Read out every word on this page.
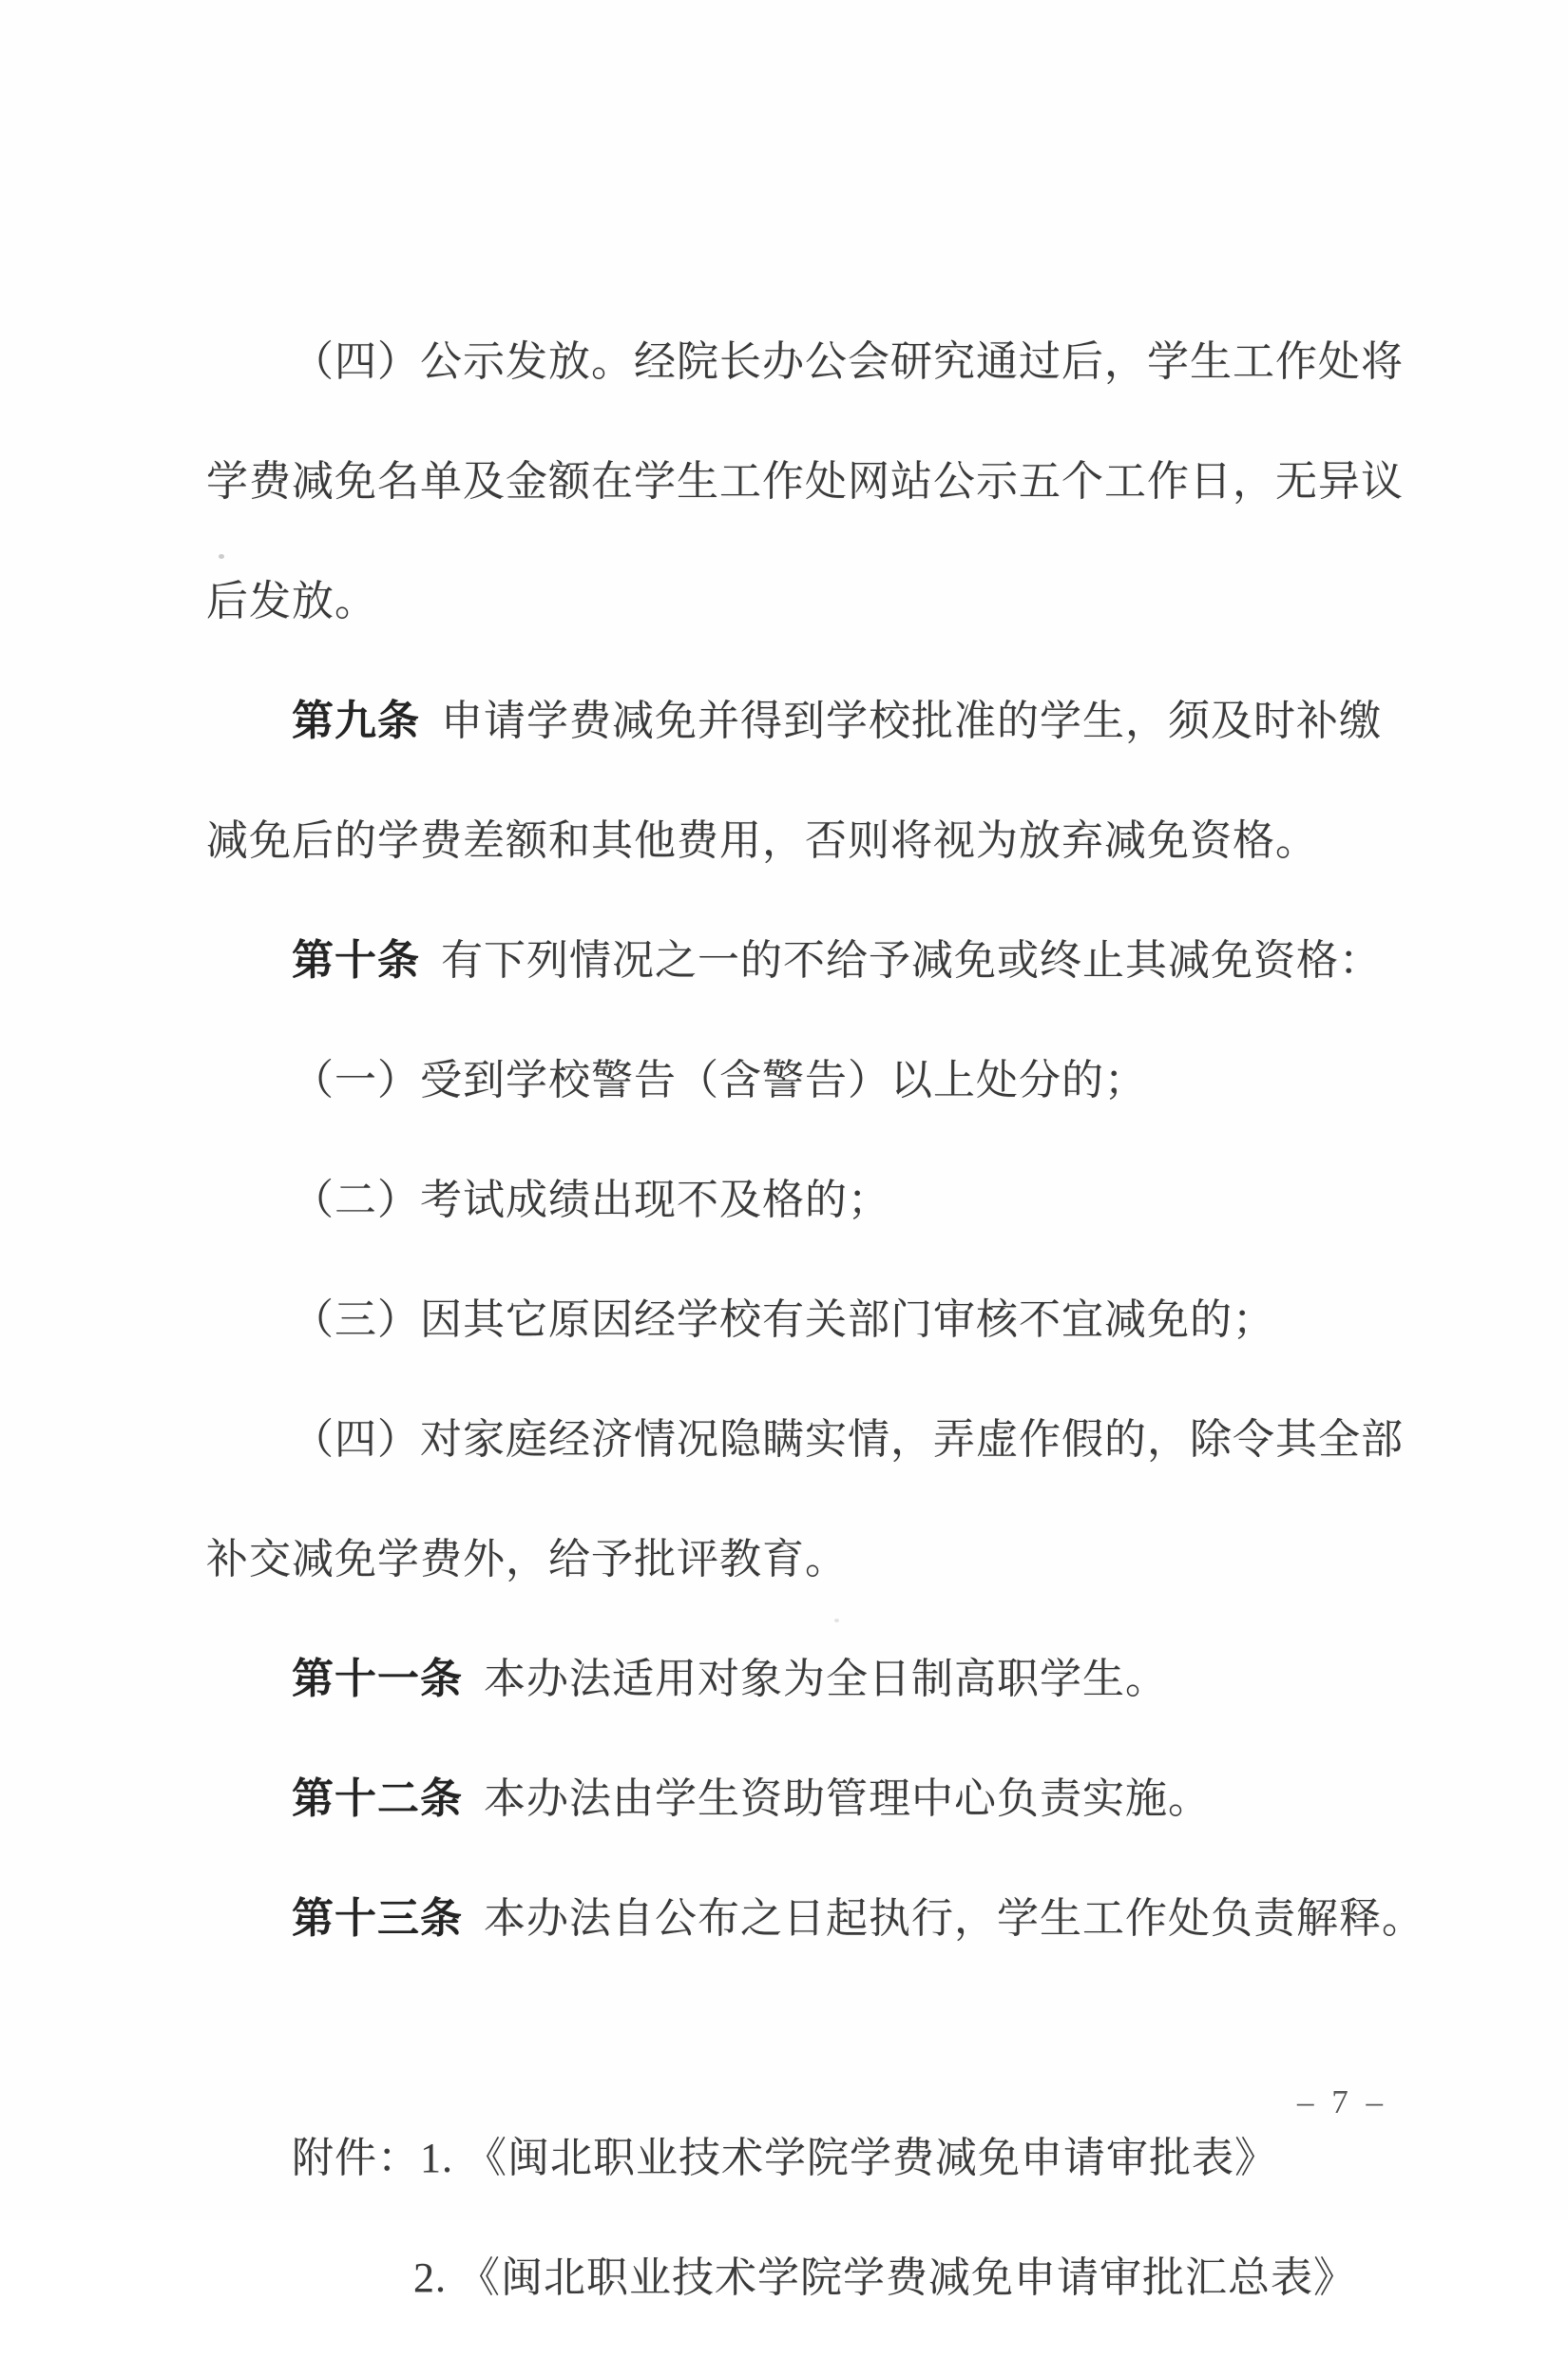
（四）公示发放。经院长办公会研究通过后，学生工作处将

学费减免名单及金额在学生工作处网站公示五个工作日，无异议

后发放。

第九条 申请学费减免并得到学校批准的学生，须及时补缴

减免后的学费差额和其他费用，否则将视为放弃减免资格。

第十条 有下列情况之一的不给予减免或终止其减免资格：

（一）受到学校警告（含警告）以上处分的；

（二）考试成绩出现不及格的；

（三）因其它原因经学校有关部门审核不宜减免的；

（四）对家庭经济情况隐瞒实情，弄虚作假的，除令其全部

补交减免学费外，给予批评教育。

第十一条 本办法适用对象为全日制高职学生。

第十二条 本办法由学生资助管理中心负责实施。

第十三条 本办法自公布之日起执行，学生工作处负责解释。

附件：1. 《闽北职业技术学院学费减免申请审批表》

2. 《闽北职业技术学院学费减免申请审批汇总表》

– 7 –
